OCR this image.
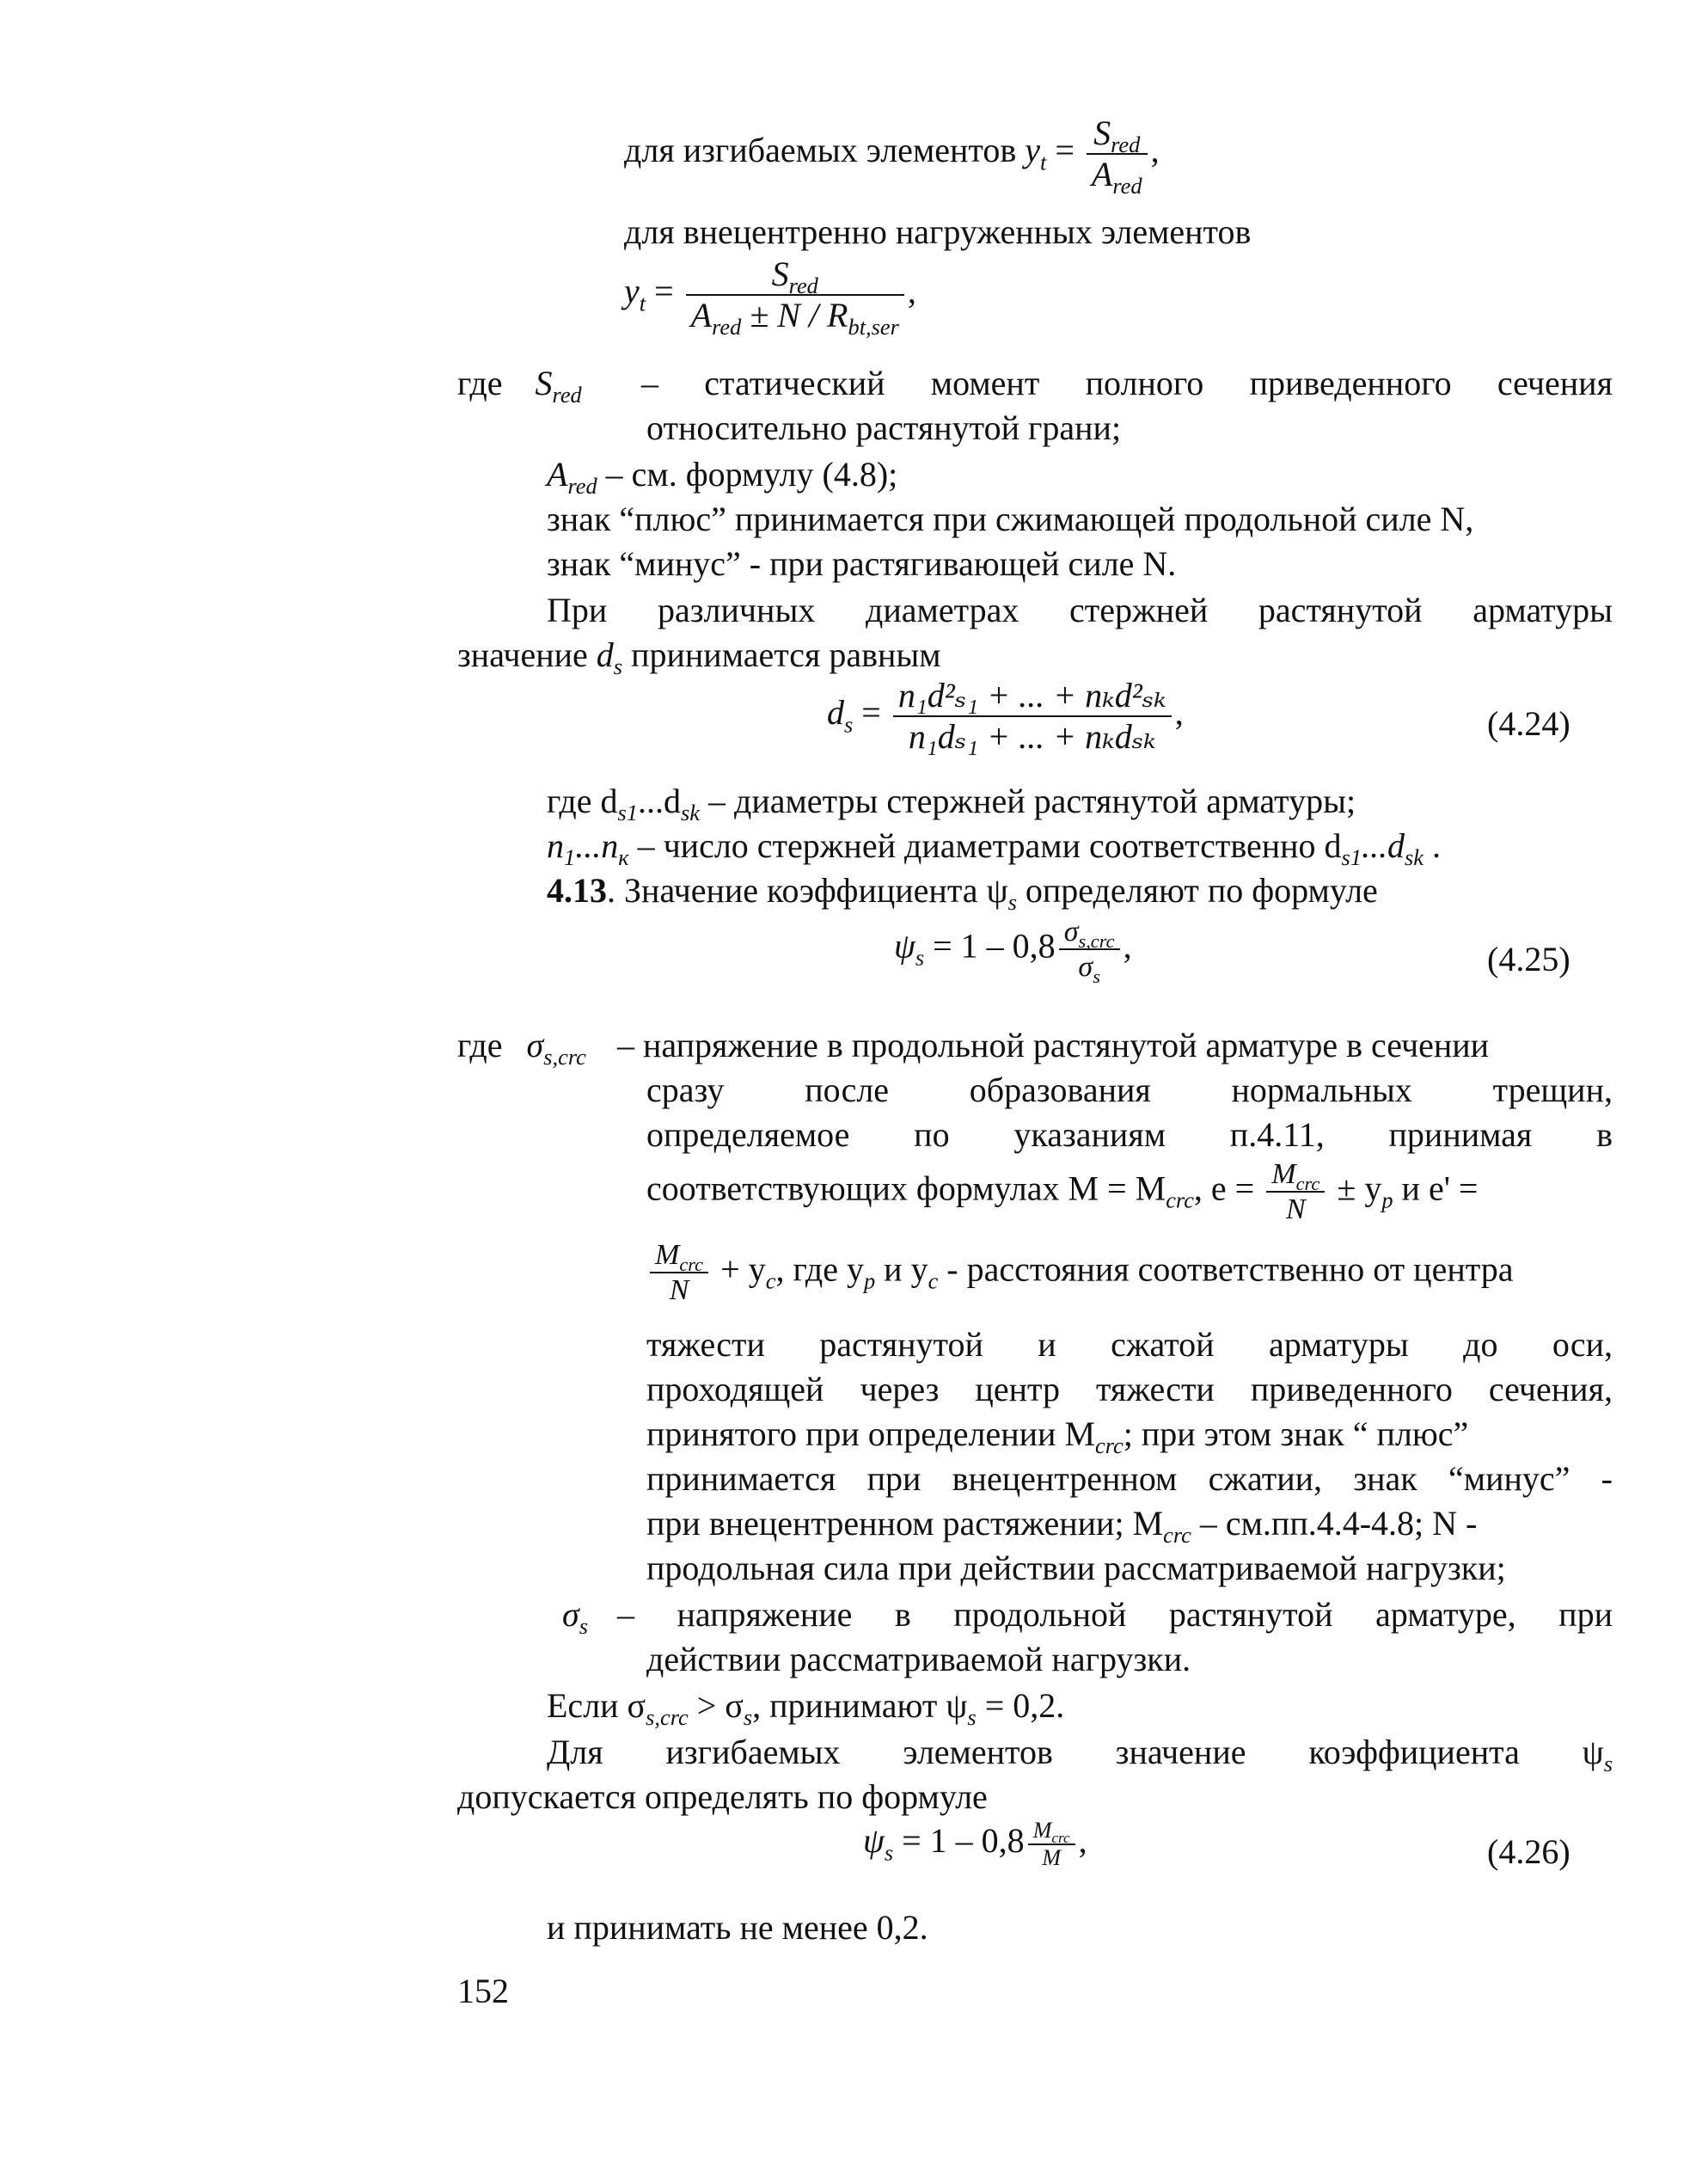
для изгибаемых элементов $y_t = \frac{S_{red}}{A_{red}}$ ,
для внецентренно нагруженных элементов
$y_t = \frac{S_{red}}{A_{red} \pm N / R_{bt,ser}}$ ,
где $S_{red}$ – статический момент полного приведенного сечения
относительно растянутой грани;
$A_{red}$ – см. формулу (4.8);
знак “плюс” принимается при сжимающей продольной силе N,
знак “минус” - при растягивающей силе N.
При различных диаметрах стержней растянутой арматуры
значение $d_s$ принимается равным
$d_s = \frac{\text{n₁d²ₛ₁ + ... + nₖd²ₛₖ}}{\text{n₁dₛ₁ + ... + nₖdₛₖ}}$ ,	(4.24)
где $d_{s1}...d_{sk}$ – диаметры стержней растянутой арматуры;
$n_1...n_к$ – число стержней диаметрами соответственно $d_{s1}...d_{sk}$ .
4.13. Значение коэффициента $\psi_s$ определяют по формуле
$\psi_s = 1 - 0,8 \frac{\sigma_{s,crc}}{\sigma_s}$ ,	(4.25)
где $\sigma_{s,crc}$ – напряжение в продольной растянутой арматуре в сечении
сразу после образования нормальных трещин,
определяемое по указаниям п.4.11, принимая в
соответствующих формулах $M = M_{crc}$, $e = \frac{M_{crc}}{N} \pm y_p$ и e' =
$\frac{M_{crc}}{N} + y_c$, где $y_p$ и $y_c$ - расстояния соответственно от центра
тяжести растянутой и сжатой арматуры до оси,
проходящей через центр тяжести приведенного сечения,
принятого при определении $M_{crc}$; при этом знак “ плюс”
принимается при внецентренном сжатии, знак “минус” -
при внецентренном растяжении; $M_{crc} - см.пп.4.4-4.8$; N -
продольная сила при действии рассматриваемой нагрузки;
$\sigma_s$ – напряжение в продольной растянутой арматуре, при
действии рассматриваемой нагрузки.
Если $\sigma_{s,crc} > \sigma_s$, принимают $\psi_s = 0,2$.
Для изгибаемых элементов значение коэффициента $\psi_s$
допускается определять по формуле
$\psi_s = 1 - 0,8 \frac{M_{crc}}{M}$ ,	(4.26)
и принимать не менее 0,2.
152
